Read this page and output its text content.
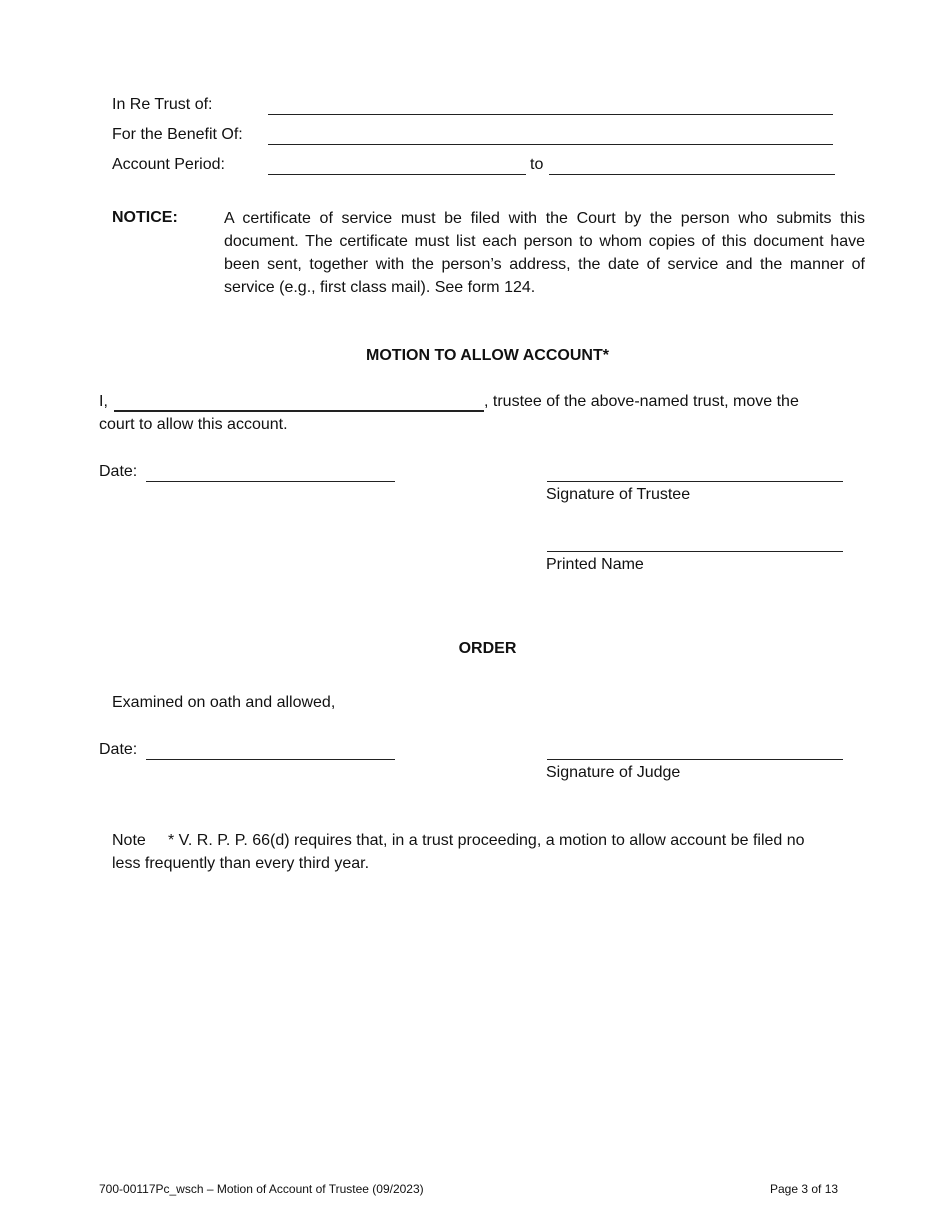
In Re Trust of:
For the Benefit Of:
Account Period:	to
NOTICE:	A certificate of service must be filed with the Court by the person who submits this document. The certificate must list each person to whom copies of this document have been sent, together with the person’s address, the date of service and the manner of service (e.g., first class mail). See form 124.
MOTION TO ALLOW ACCOUNT*
I,	, trustee of the above-named trust, move the
court to allow this account.
Date:
Signature of Trustee
Printed Name
ORDER
Examined on oath and allowed,
Date:
Signature of Judge
Note * V. R. P. P. 66(d) requires that, in a trust proceeding, a motion to allow account be filed no
less frequently than every third year.
700-00117Pc_wsch – Motion of Account of Trustee (09/2023)	Page 3 of 13
